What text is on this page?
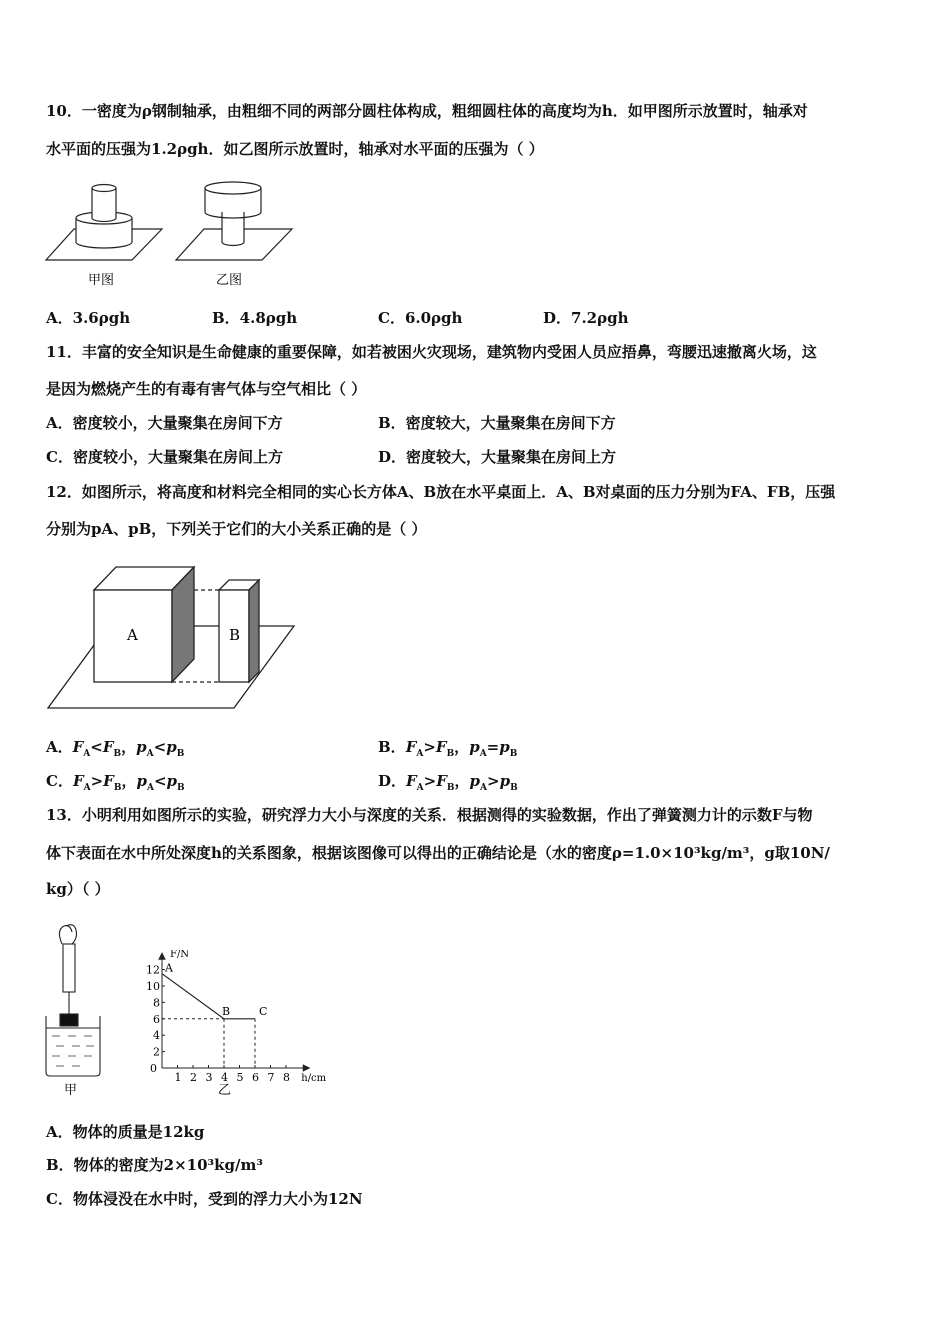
10．一密度为ρ钢制轴承，由粗细不同的两部分圆柱体构成，粗细圆柱体的高度均为h．如甲图所示放置时，轴承对
水平面的压强为1.2ρgh．如乙图所示放置时，轴承对水平面的压强为（ ）
甲图	乙图
A．3.6ρgh	B．4.8ρgh	C．6.0ρgh	D．7.2ρgh
11．丰富的安全知识是生命健康的重要保障，如若被困火灾现场，建筑物内受困人员应捂鼻，弯腰迅速撤离火场，这
是因为燃烧产生的有毒有害气体与空气相比（ ）
A．密度较小，大量聚集在房间下方	B．密度较大，大量聚集在房间下方
C．密度较小，大量聚集在房间上方	D．密度较大，大量聚集在房间上方
12．如图所示，将高度和材料完全相同的实心长方体A、B放在水平桌面上．A、B对桌面的压力分别为FA、FB，压强
分别为pA、pB，下列关于它们的大小关系正确的是（ ）
A	B
A．$F_A<F_B$，$p_A<p_B$	B．$F_A>F_B$，$p_A=p_B$
C．$F_A>F_B$，$p_A<p_B$	D．$F_A>F_B$，$p_A>p_B$
13．小明利用如图所示的实验，研究浮力大小与深度的关系．根据测得的实验数据，作出了弹簧测力计的示数F与物
体下表面在水中所处深度h的关系图象，根据该图像可以得出的正确结论是（水的密度ρ=1.0×10³kg/m³，g取10N/
kg）（ ）
甲
1 2 3 4 5 6 7 8
2
4
6
8
10
12
0
F/N
h/cm
A
B	C
乙
A．物体的质量是12kg
B．物体的密度为2×10³kg/m³
C．物体浸没在水中时，受到的浮力大小为12N
